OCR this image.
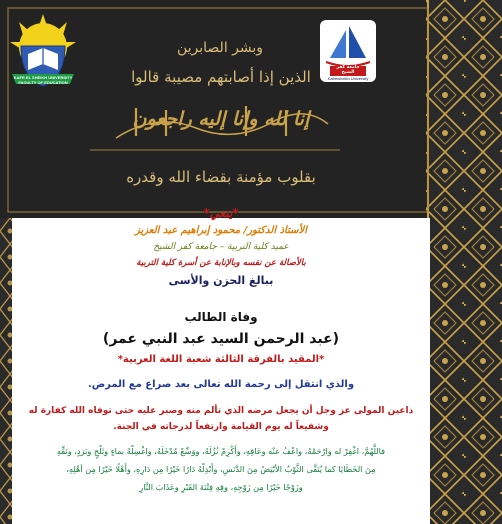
KAFR EL SHEIKH UNIVERSITY FACULTY OF EDUCATION
جامعة كفر الشيخ
Kafrelsheikh University
وبشر الصابرين
الذين إذا أصابتهم مصيبة قالوا
إنا لله وإنا إليه راجعون
بقلوب مؤمنة بقضاء الله وقدره
*ينعي*
الأستاذ الدكتور/ محمود إبراهيم عبد العزيز
عميد كلية التربية – جامعة كفر الشيخ
بالأصالة عن نفسه وبالإنابة عن أسرة كلية التربية
ببالغ الحزن والأسى
وفاة الطالب
(عبد الرحمن السيد عبد النبي عمر)
*المقيد بالفرقة الثالثة شعبة اللغة العربية*
والذي انتقل إلى رحمة الله تعالى بعد صراع مع المرض.
داعين المولى عز وجل أن يجعل مرضه الذي تألم منه وصبر عليه حتى توفاه الله كفارة له
وشفيعاً له يوم القيامة وارتفعاً لدرجاته في الجنة.
فاللَّهُمَّ، اغْفِرْ له وارْحَمْهُ، واعْفُ عنْه وعَافِهِ، وأَكْرِمْ نُزُلَهُ، ووَسِّعْ مُدْخَلَهُ، واغْسِلْهُ بماءٍ وثَلْجٍ وبَرَدٍ، ونَقِّهِ
مِنَ الخَطَايَا كما يُنَقَّى الثَّوْبُ الأبْيَضُ مِنَ الدَّنَسِ، وأَبْدِلْهُ دَارًا خَيْرًا مِن دَارِهِ، وأَهْلًا خَيْرًا مِن أهْلِهِ،
وزَوْجًا خَيْرًا مِن زَوْجِهِ، وقِهِ فِتْنَةَ القَبْرِ وعَذَابَ النَّارِ
